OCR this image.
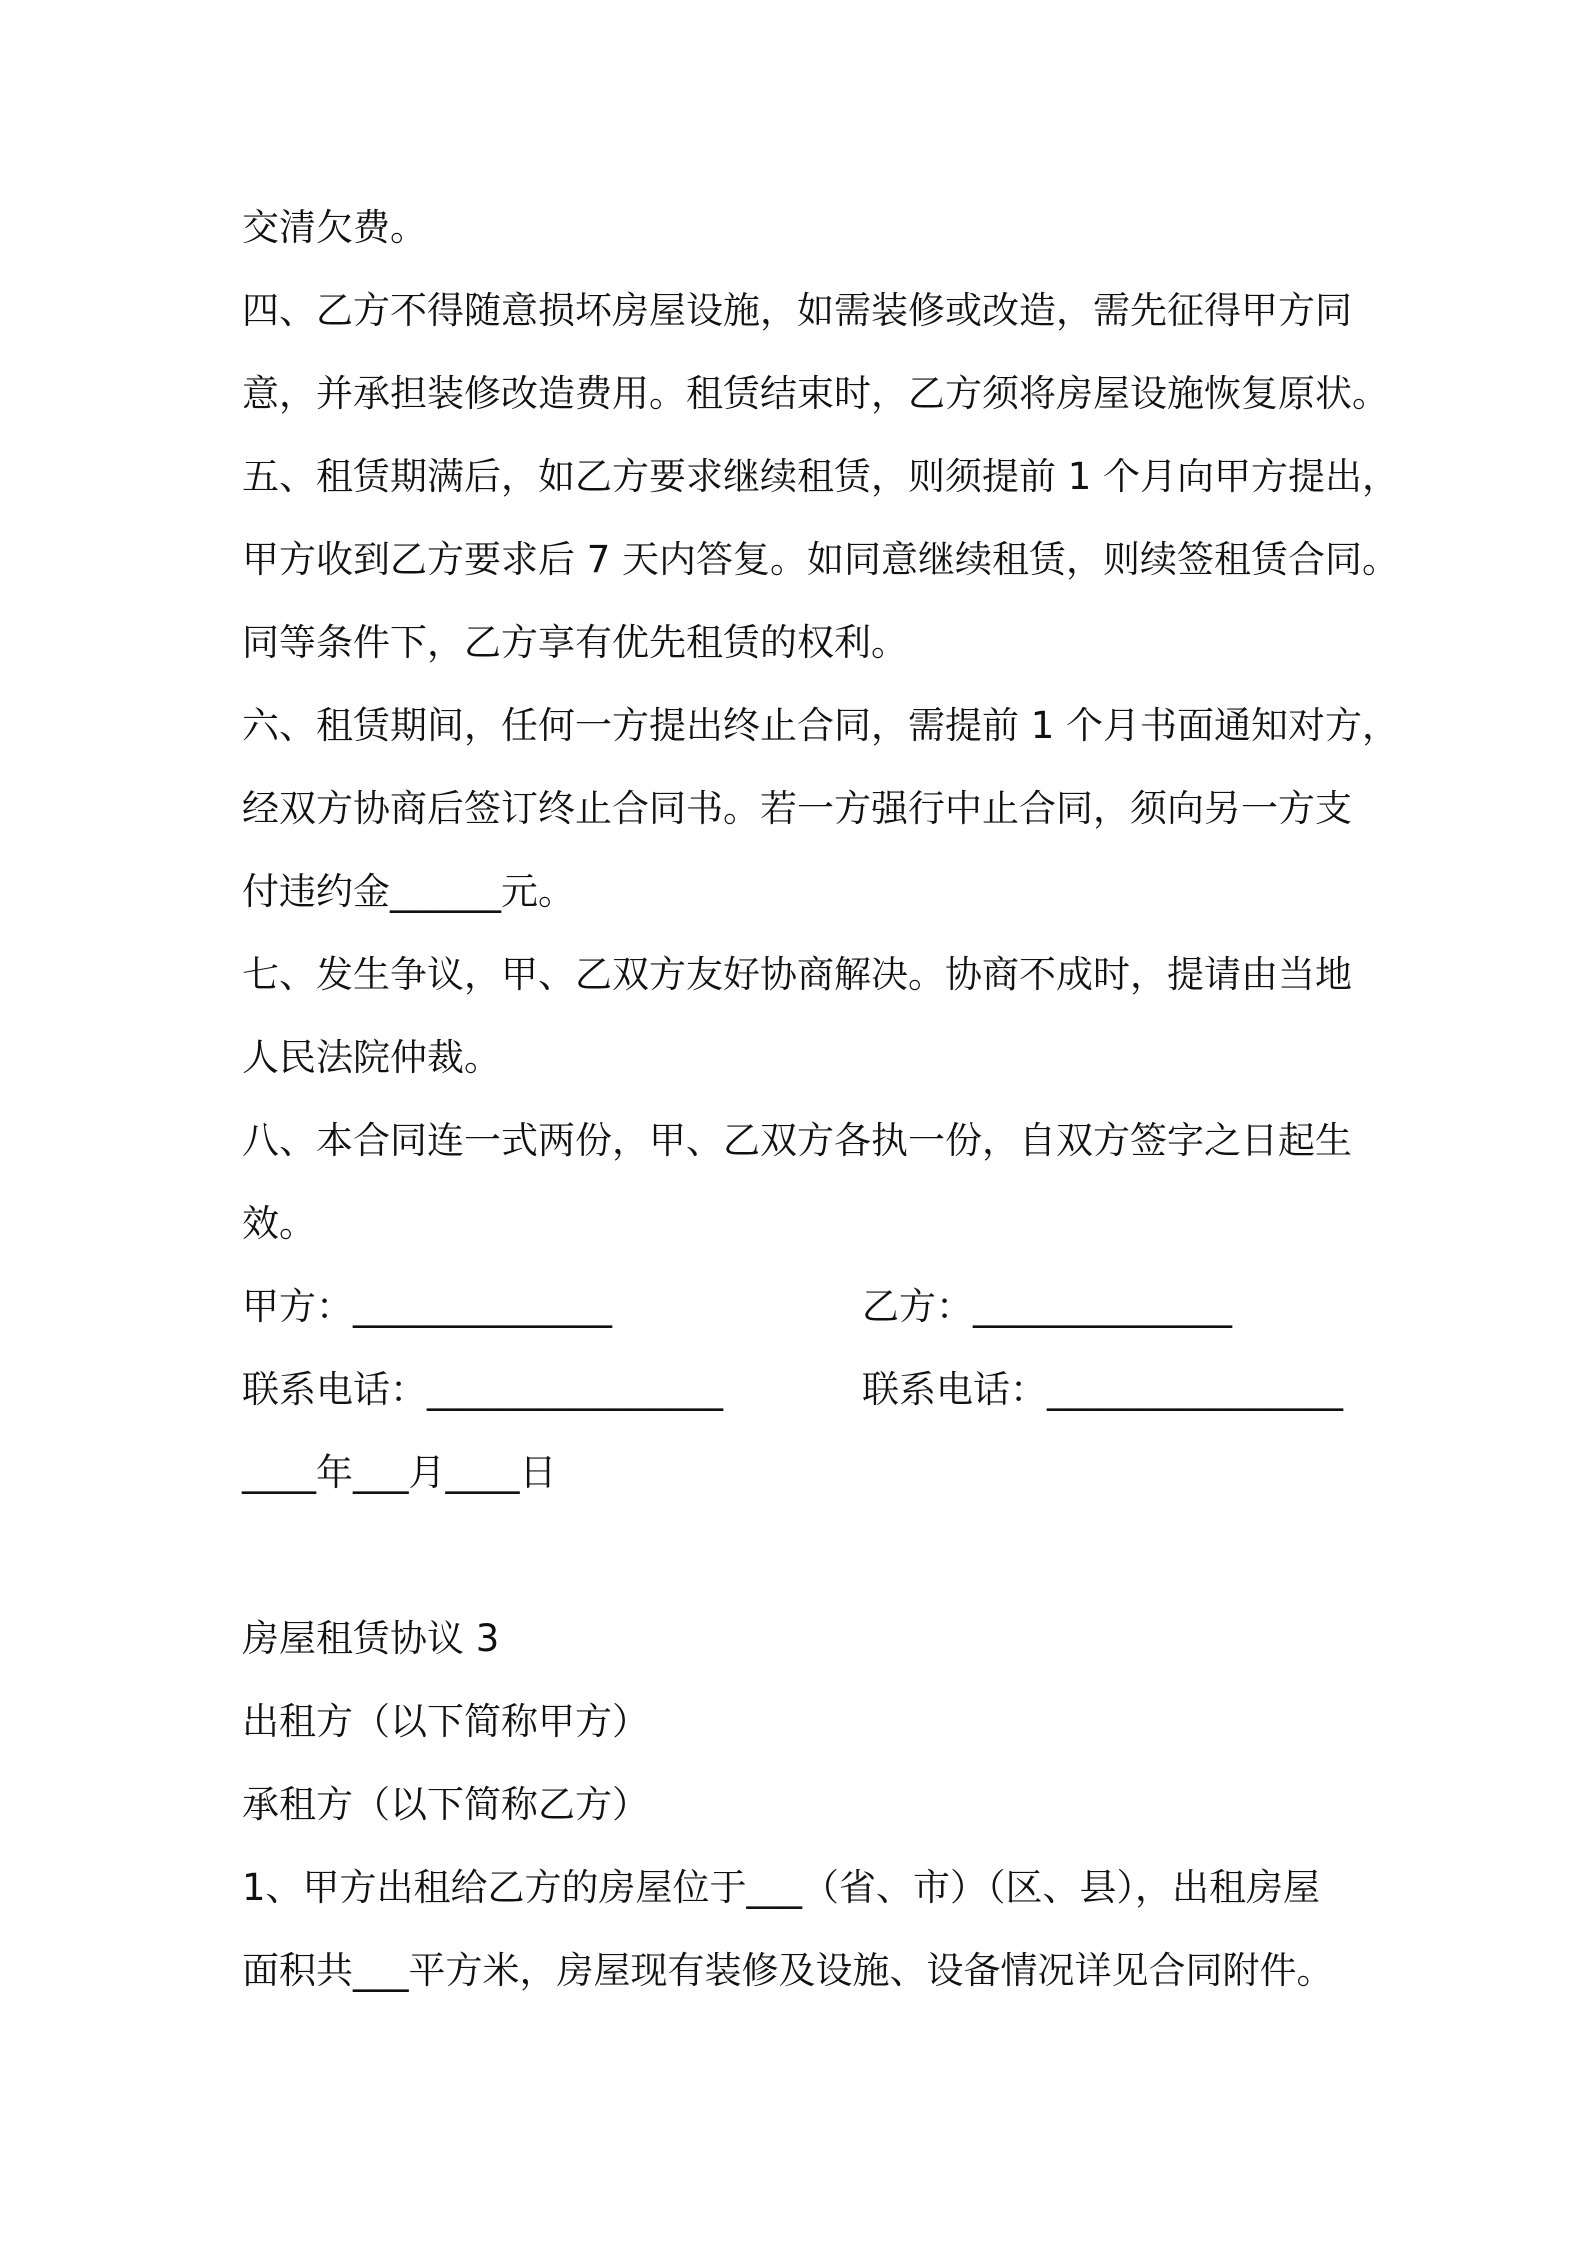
交清欠费。
四、乙方不得随意损坏房屋设施，如需装修或改造，需先征得甲方同
意，并承担装修改造费用。租赁结束时，乙方须将房屋设施恢复原状。
五、租赁期满后，如乙方要求继续租赁，则须提前 1 个月向甲方提出，
甲方收到乙方要求后 7 天内答复。如同意继续租赁，则续签租赁合同。
同等条件下，乙方享有优先租赁的权利。
六、租赁期间，任何一方提出终止合同，需提前 1 个月书面通知对方，
经双方协商后签订终止合同书。若一方强行中止合同，须向另一方支
付违约金______元。
七、发生争议，甲、乙双方友好协商解决。协商不成时，提请由当地
人民法院仲裁。
八、本合同连一式两份，甲、乙双方各执一份，自双方签字之日起生
效。
甲方：______________	乙方：______________
联系电话：________________	联系电话：________________
____年___月____日
房屋租赁协议 3
出租方（以下简称甲方）
承租方（以下简称乙方）
1、甲方出租给乙方的房屋位于___（省、市）（区、县），出租房屋
面积共___平方米，房屋现有装修及设施、设备情况详见合同附件。
